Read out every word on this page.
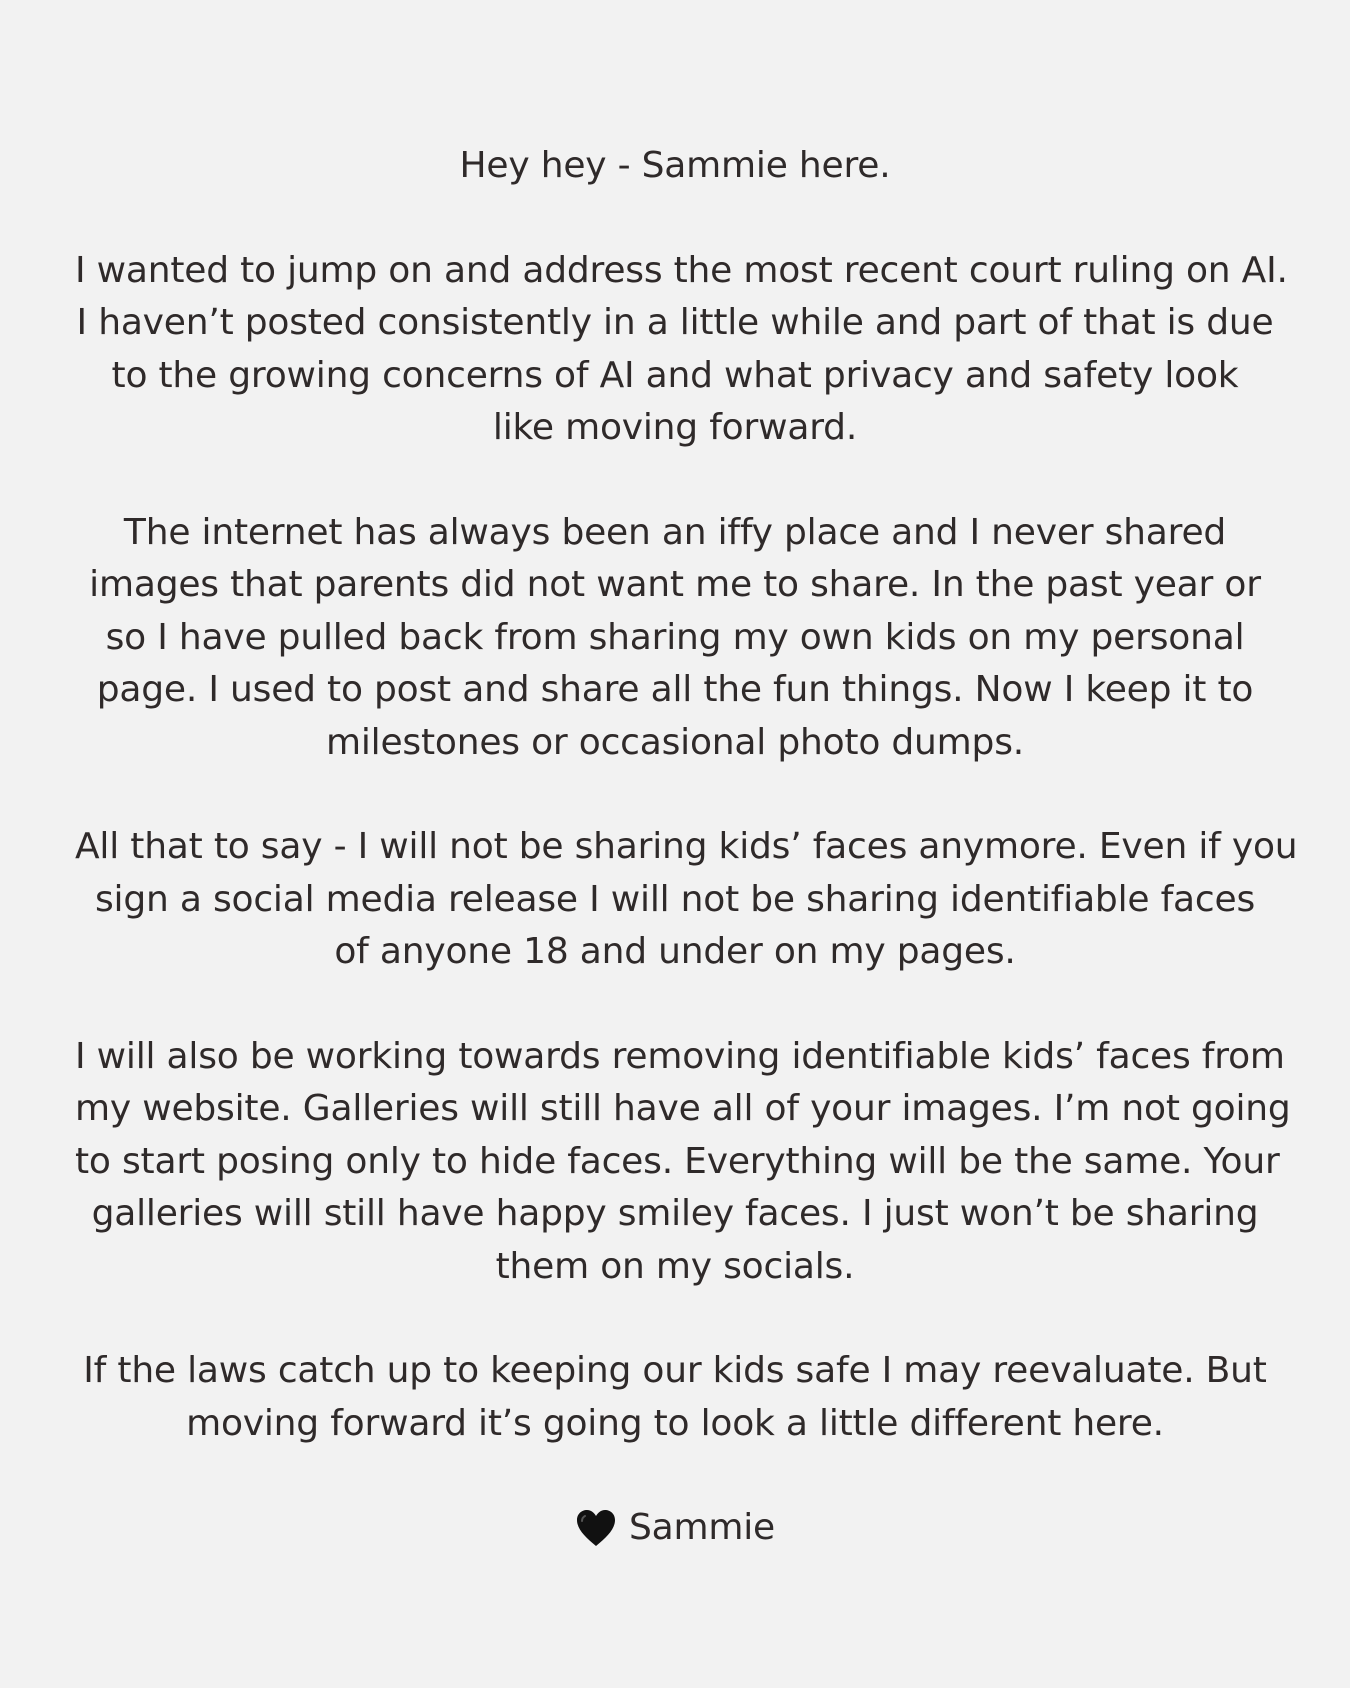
Hey hey - Sammie here.

I wanted to jump on and address the most recent court ruling on AI.
I haven’t posted consistently in a little while and part of that is due
to the growing concerns of AI and what privacy and safety look
like moving forward.

The internet has always been an iffy place and I never shared
images that parents did not want me to share. In the past year or
so I have pulled back from sharing my own kids on my personal
page. I used to post and share all the fun things. Now I keep it to
milestones or occasional photo dumps.

All that to say - I will not be sharing kids’ faces anymore. Even if you
sign a social media release I will not be sharing identifiable faces
of anyone 18 and under on my pages.

I will also be working towards removing identifiable kids’ faces from
my website. Galleries will still have all of your images. I’m not going
to start posing only to hide faces. Everything will be the same. Your
galleries will still have happy smiley faces. I just won’t be sharing
them on my socials.

If the laws catch up to keeping our kids safe I may reevaluate. But
moving forward it’s going to look a little different here.

Sammie
